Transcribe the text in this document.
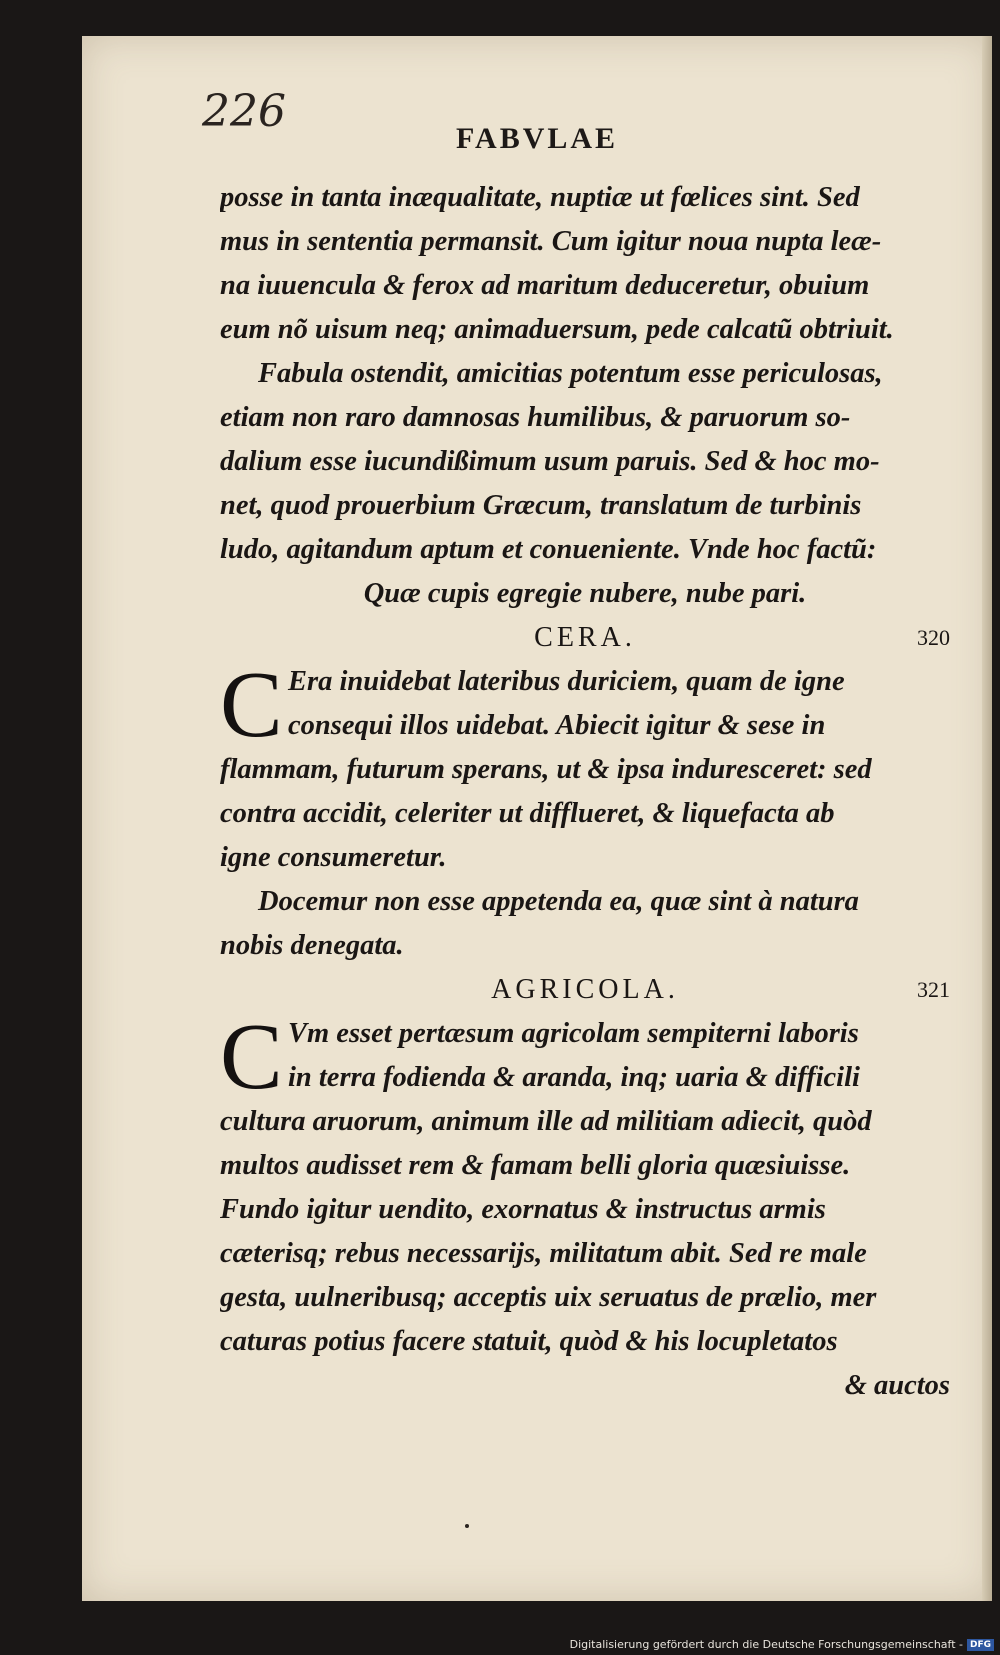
226
FABVLAE
posse in tanta inæqualitate, nuptiæ ut fœlices sint. Sed
mus in sententia permansit. Cum igitur noua nupta leæ-
na iuuencula & ferox ad maritum deduceretur, obuium
eum nõ uisum neq; animaduersum, pede calcatũ obtriuit.
Fabula ostendit, amicitias potentum esse periculosas,
etiam non raro damnosas humilibus, & paruorum so-
dalium esse iucundißimum usum paruis. Sed & hoc mo-
net, quod prouerbium Græcum, translatum de turbinis
ludo, agitandum aptum et conueniente. Vnde hoc factũ:
Quæ cupis egregie nubere, nube pari.
CERA.	320
C Era inuidebat lateribus duriciem, quam de igne
consequi illos uidebat. Abiecit igitur & sese in
flammam, futurum sperans, ut & ipsa induresceret: sed
contra accidit, celeriter ut difflueret, & liquefacta ab
igne consumeretur.
Docemur non esse appetenda ea, quæ sint à natura
nobis denegata.
AGRICOLA.	321
C Vm esset pertæsum agricolam sempiterni laboris
in terra fodienda & aranda, inq; uaria & difficili
cultura aruorum, animum ille ad militiam adiecit, quòd
multos audisset rem & famam belli gloria quæsiuisse.
Fundo igitur uendito, exornatus & instructus armis
cæterisq; rebus necessarijs, militatum abit. Sed re male
gesta, uulneribusq; acceptis uix seruatus de prælio, mer
caturas potius facere statuit, quòd & his locupletatos
& auctos
Digitalisierung gefördert durch die Deutsche Forschungsgemeinschaft - DFG
